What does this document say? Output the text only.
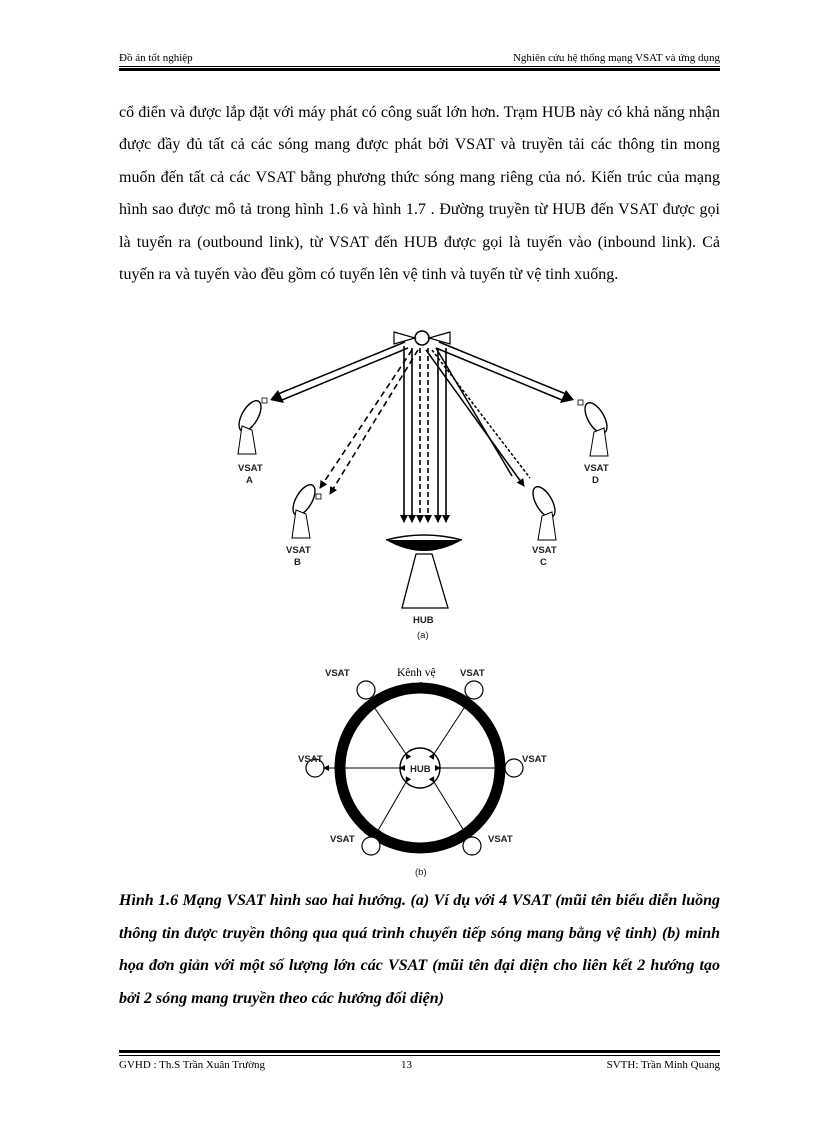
Đồ án tốt nghiệp	Nghiên cứu hệ thống mạng VSAT và ứng dụng

cổ điển và được lắp đặt với máy phát có công suất lớn hơn. Trạm HUB này có khả năng nhận được đầy đủ tất cả các sóng mang được phát bởi VSAT và truyền tải các thông tin mong muốn đến tất cả các VSAT bằng phương thức sóng mang riêng của nó. Kiến trúc của mạng hình sao được mô tả trong hình 1.6 và hình 1.7 . Đường truyền từ HUB đến VSAT được gọi là tuyến ra (outbound link), từ VSAT đến HUB được gọi là tuyến vào (inbound link). Cả tuyến ra và tuyến vào đều gồm có tuyến lên vệ tinh và tuyến từ vệ tinh xuống.

VSAT
A
VSAT
D
VSAT
B
VSAT
C
HUB
(a)
HUB
Kênh vệ
tinh
VSAT	VSAT
VSAT	VSAT
VSAT	VSAT
(b)

Hình 1.6 Mạng VSAT hình sao hai hướng. (a) Ví dụ với 4 VSAT (mũi tên biểu diễn luồng thông tin được truyền thông qua quá trình chuyển tiếp sóng mang bằng vệ tinh) (b) minh họa đơn giản với một số lượng lớn các VSAT (mũi tên đại diện cho liên kết 2 hướng tạo bởi 2 sóng mang truyền theo các hướng đối diện)

GVHD : Th.S Trần Xuân Trường	13	SVTH: Trần Minh Quang
